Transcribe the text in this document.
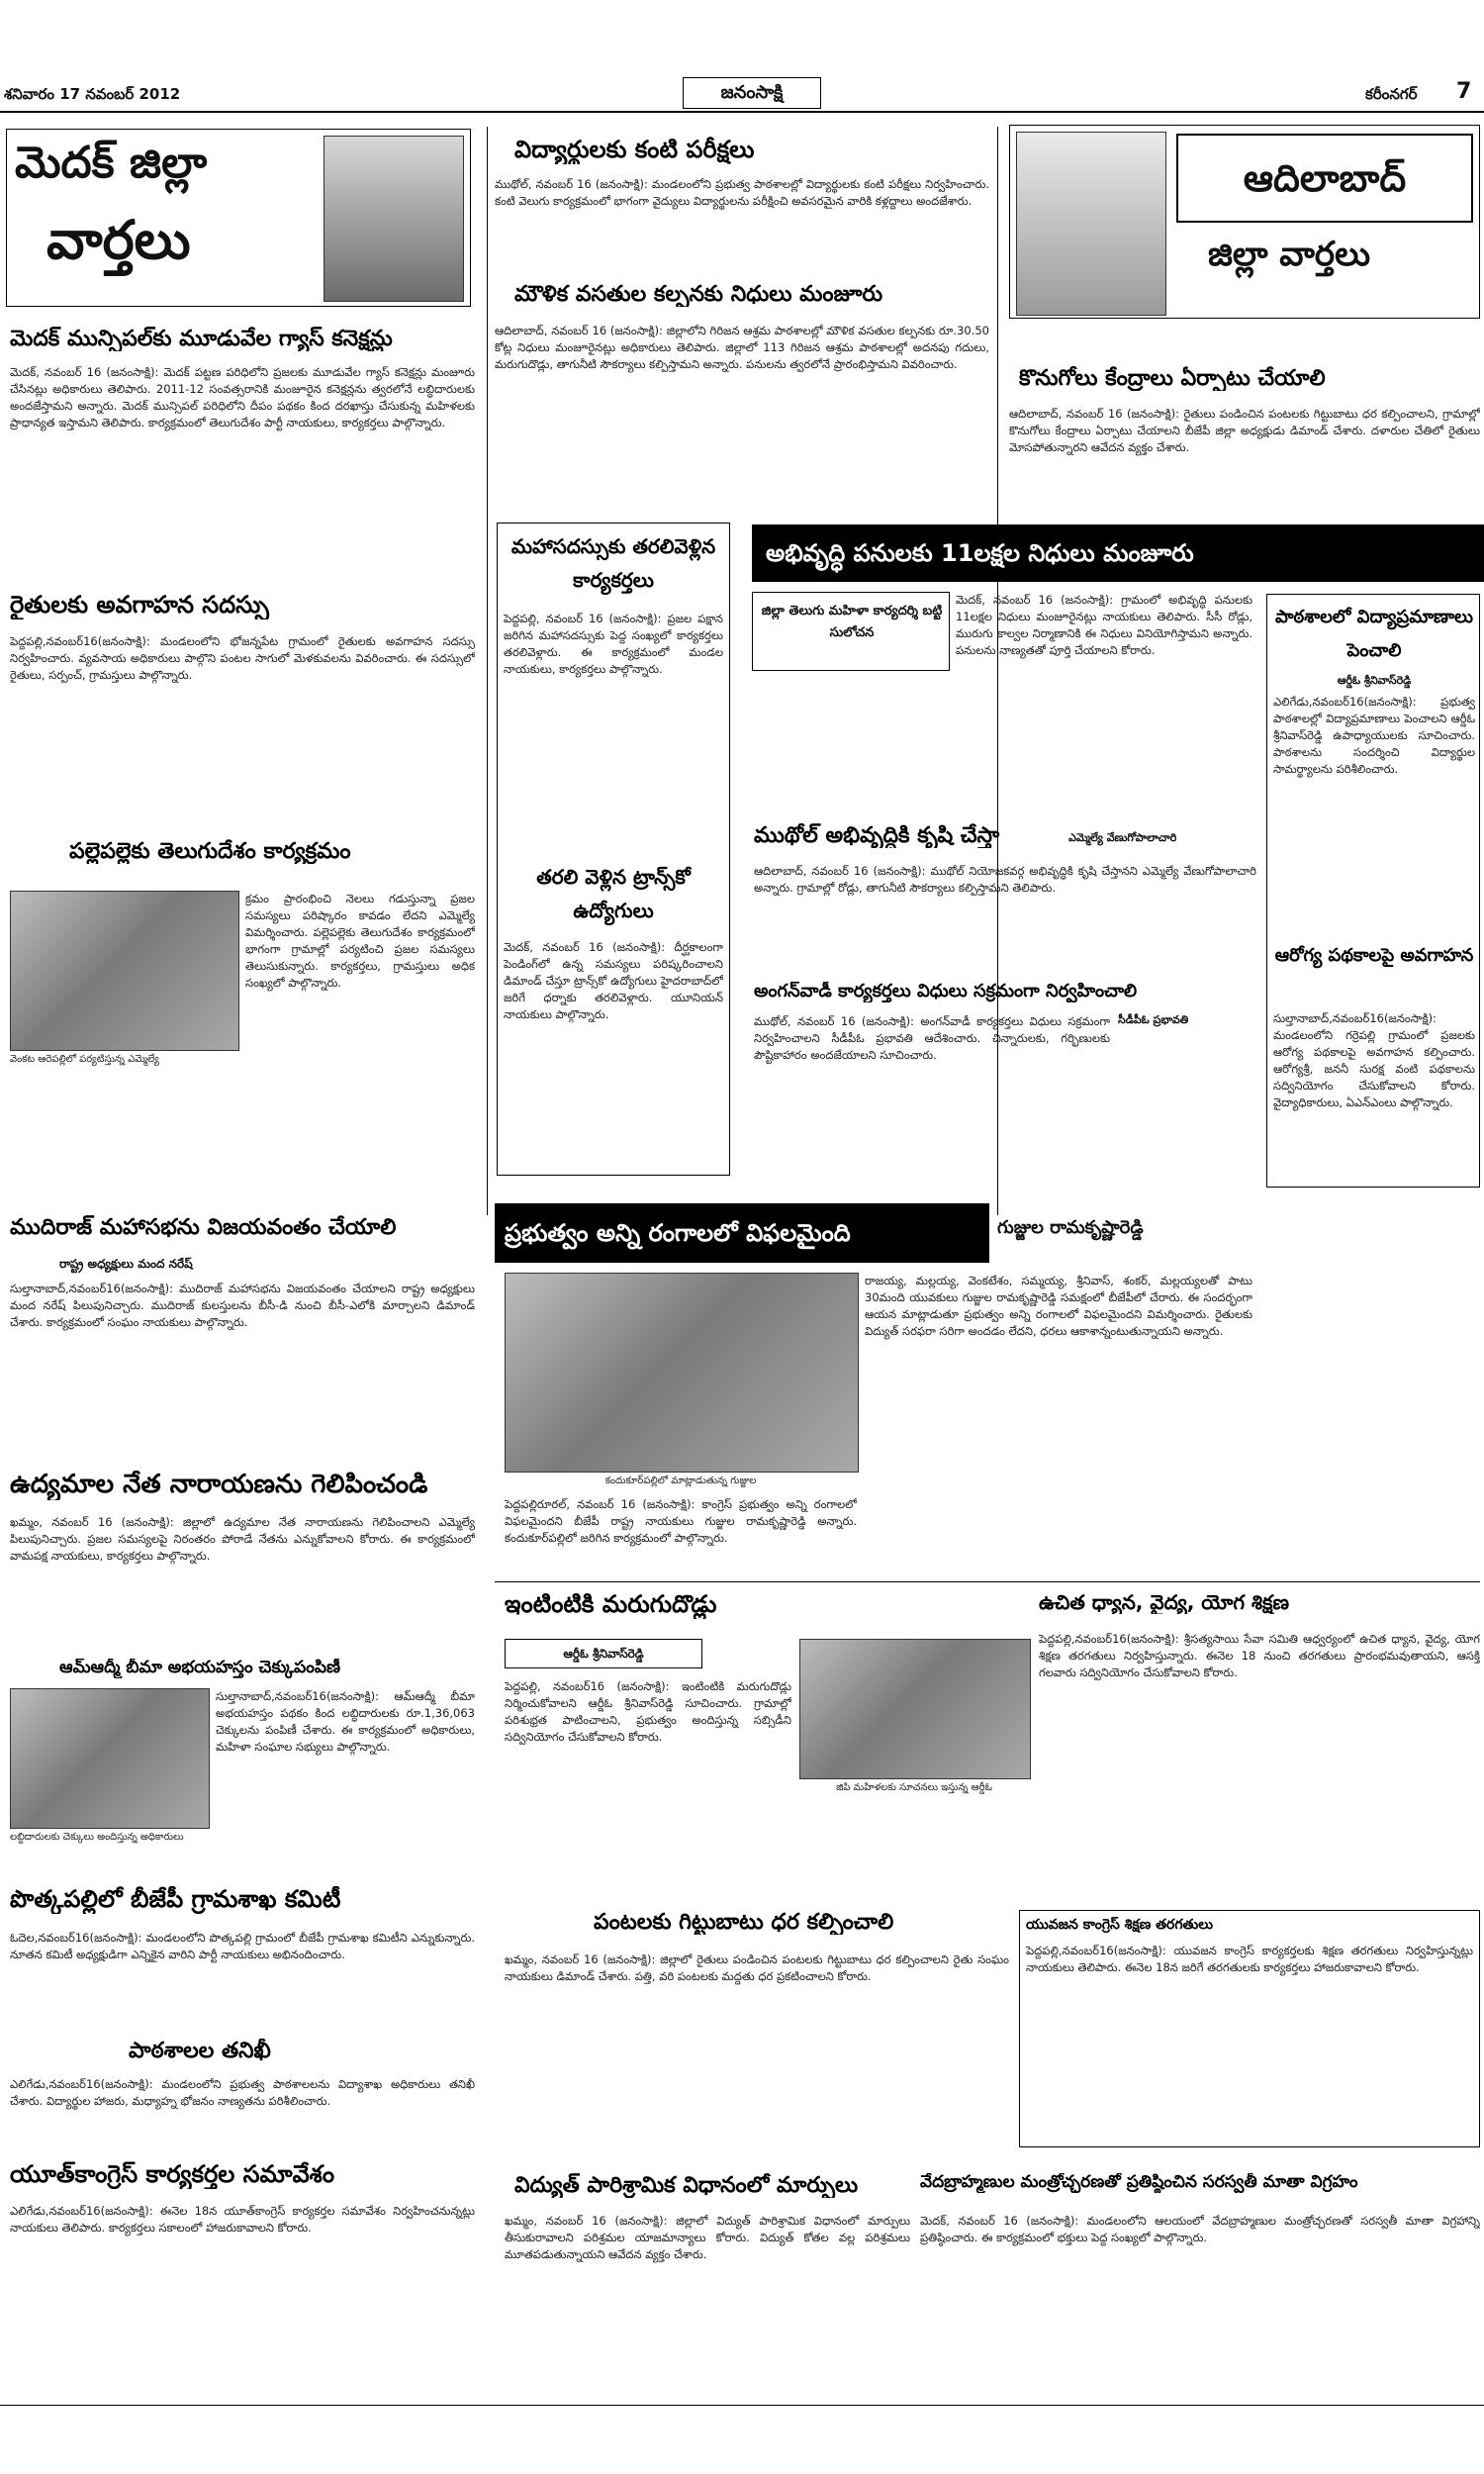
శనివారం 17 నవంబర్ 2012	జనంసాక్షి	కరీంనగర్	7
మెదక్ జిల్లా
వార్తలు
మెదక్ మున్సిపల్‌కు మూడువేల గ్యాస్ కనెక్షన్లు
మెదక్, నవంబర్ 16 (జనంసాక్షి): మెదక్ పట్టణ పరిధిలోని ప్రజలకు మూడువేల గ్యాస్ కనెక్షన్లు మంజూరు చేసినట్లు అధికారులు తెలిపారు. 2011-12 సంవత్సరానికి మంజూరైన కనెక్షన్లను త్వరలోనే లబ్ధిదారులకు అందజేస్తామని అన్నారు. మెదక్ మున్సిపల్ పరిధిలోని దీపం పథకం కింద దరఖాస్తు చేసుకున్న మహిళలకు ప్రాధాన్యత ఇస్తామని తెలిపారు. కార్యక్రమంలో తెలుగుదేశం పార్టీ నాయకులు, కార్యకర్తలు పాల్గొన్నారు.
రైతులకు అవగాహన సదస్సు
పెద్దపల్లి,నవంబర్16(జనంసాక్షి): మండలంలోని భోజన్నపేట గ్రామంలో రైతులకు అవగాహన సదస్సు నిర్వహించారు. వ్యవసాయ అధికారులు పాల్గొని పంటల సాగులో మెళకువలను వివరించారు. ఈ సదస్సులో రైతులు, సర్పంచ్, గ్రామస్తులు పాల్గొన్నారు.
పల్లెపల్లెకు తెలుగుదేశం కార్యక్రమం
వెంకట ఆరెపల్లిలో పర్యటిస్తున్న ఎమ్మెల్యే
క్రమం ప్రారంభించి నెలలు గడుస్తున్నా ప్రజల సమస్యలు పరిష్కారం కావడం లేదని ఎమ్మెల్యే విమర్శించారు. పల్లెపల్లెకు తెలుగుదేశం కార్యక్రమంలో భాగంగా గ్రామాల్లో పర్యటించి ప్రజల సమస్యలు తెలుసుకున్నారు. కార్యకర్తలు, గ్రామస్తులు అధిక సంఖ్యలో పాల్గొన్నారు.
ముదిరాజ్ మహాసభను విజయవంతం చేయాలి
రాష్ట్ర అధ్యక్షులు మంద నరేష్
సుల్తానాబాద్,నవంబర్16(జనంసాక్షి): ముదిరాజ్ మహాసభను విజయవంతం చేయాలని రాష్ట్ర అధ్యక్షులు మంద నరేష్ పిలుపునిచ్చారు. ముదిరాజ్ కులస్తులను బీసీ-డి నుంచి బీసీ-ఎలోకి మార్చాలని డిమాండ్ చేశారు. కార్యక్రమంలో సంఘం నాయకులు పాల్గొన్నారు.
ఉద్యమాల నేత నారాయణను గెలిపించండి
ఖమ్మం, నవంబర్ 16 (జనంసాక్షి): జిల్లాలో ఉద్యమాల నేత నారాయణను గెలిపించాలని ఎమ్మెల్యే పిలుపునిచ్చారు. ప్రజల సమస్యలపై నిరంతరం పోరాడే నేతను ఎన్నుకోవాలని కోరారు. ఈ కార్యక్రమంలో వామపక్ష నాయకులు, కార్యకర్తలు పాల్గొన్నారు.
ఆమ్ఆద్మీ బీమా అభయహస్తం చెక్కుపంపిణీ
లబ్ధిదారులకు చెక్కులు అందిస్తున్న అధికారులు
సుల్తానాబాద్,నవంబర్16(జనంసాక్షి): ఆమ్ఆద్మీ బీమా అభయహస్తం పథకం కింద లబ్ధిదారులకు రూ.1,36,063 చెక్కులను పంపిణీ చేశారు. ఈ కార్యక్రమంలో అధికారులు, మహిళా సంఘాల సభ్యులు పాల్గొన్నారు.
పొత్కపల్లిలో బీజేపీ గ్రామశాఖ కమిటీ
ఓదెల,నవంబర్16(జనంసాక్షి): మండలంలోని పొత్కపల్లి గ్రామంలో బీజేపీ గ్రామశాఖ కమిటీని ఎన్నుకున్నారు. నూతన కమిటీ అధ్యక్షుడిగా ఎన్నికైన వారిని పార్టీ నాయకులు అభినందించారు.
పాఠశాలల తనిఖీ
ఎలిగేడు,నవంబర్16(జనంసాక్షి): మండలంలోని ప్రభుత్వ పాఠశాలలను విద్యాశాఖ అధికారులు తనిఖీ చేశారు. విద్యార్థుల హాజరు, మధ్యాహ్న భోజనం నాణ్యతను పరిశీలించారు.
యూత్‌కాంగ్రెస్ కార్యకర్తల సమావేశం
ఎలిగేడు,నవంబర్16(జనంసాక్షి): ఈనెల 18న యూత్‌కాంగ్రెస్ కార్యకర్తల సమావేశం నిర్వహించనున్నట్లు నాయకులు తెలిపారు. కార్యకర్తలు సకాలంలో హాజరుకావాలని కోరారు.
విద్యార్థులకు కంటి పరీక్షలు
ముథోల్, నవంబర్ 16 (జనంసాక్షి): మండలంలోని ప్రభుత్వ పాఠశాలల్లో విద్యార్థులకు కంటి పరీక్షలు నిర్వహించారు. కంటి వెలుగు కార్యక్రమంలో భాగంగా వైద్యులు విద్యార్థులను పరీక్షించి అవసరమైన వారికి కళ్లద్దాలు అందజేశారు.
మౌళిక వసతుల కల్పనకు నిధులు మంజూరు
ఆదిలాబాద్, నవంబర్ 16 (జనంసాక్షి): జిల్లాలోని గిరిజన ఆశ్రమ పాఠశాలల్లో మౌళిక వసతుల కల్పనకు రూ.30.50 కోట్ల నిధులు మంజూరైనట్లు అధికారులు తెలిపారు. జిల్లాలో 113 గిరిజన ఆశ్రమ పాఠశాలల్లో అదనపు గదులు, మరుగుదొడ్లు, తాగునీటి సౌకర్యాలు కల్పిస్తామని అన్నారు. పనులను త్వరలోనే ప్రారంభిస్తామని వివరించారు.
మహాసదస్సుకు తరలివెళ్లిన కార్యకర్తలు
పెద్దపల్లి, నవంబర్ 16 (జనంసాక్షి): ప్రజల పక్షాన జరిగిన మహాసదస్సుకు పెద్ద సంఖ్యలో కార్యకర్తలు తరలివెళ్లారు. ఈ కార్యక్రమంలో మండల నాయకులు, కార్యకర్తలు పాల్గొన్నారు.
తరలి వెళ్లిన ట్రాన్స్‌కో ఉద్యోగులు
మెదక్, నవంబర్ 16 (జనంసాక్షి): దీర్ఘకాలంగా పెండింగ్‌లో ఉన్న సమస్యలు పరిష్కరించాలని డిమాండ్ చేస్తూ ట్రాన్స్‌కో ఉద్యోగులు హైదరాబాద్‌లో జరిగే ధర్నాకు తరలివెళ్లారు. యూనియన్ నాయకులు పాల్గొన్నారు.
అభివృద్ధి పనులకు 11లక్షల నిధులు మంజూరు
జిల్లా తెలుగు మహిళా కార్యదర్శి బట్టి సులోచన
మెదక్, నవంబర్ 16 (జనంసాక్షి): గ్రామంలో అభివృద్ధి పనులకు 11లక్షల నిధులు మంజూరైనట్లు నాయకులు తెలిపారు. సీసీ రోడ్లు, మురుగు కాల్వల నిర్మాణానికి ఈ నిధులు వినియోగిస్తామని అన్నారు. పనులను నాణ్యతతో పూర్తి చేయాలని కోరారు.
ముథోల్ అభివృద్ధికి కృషి చేస్తా	ఎమ్మెల్యే వేణుగోపాలాచారి
ఆదిలాబాద్, నవంబర్ 16 (జనంసాక్షి): ముథోల్ నియోజకవర్గ అభివృద్ధికి కృషి చేస్తానని ఎమ్మెల్యే వేణుగోపాలాచారి అన్నారు. గ్రామాల్లో రోడ్లు, తాగునీటి సౌకర్యాలు కల్పిస్తామని తెలిపారు.
అంగన్‌వాడీ కార్యకర్తలు విధులు సక్రమంగా నిర్వహించాలి
సీడీపీఓ ప్రభావతి
ముథోల్, నవంబర్ 16 (జనంసాక్షి): అంగన్‌వాడీ కార్యకర్తలు విధులు సక్రమంగా నిర్వహించాలని సీడీపీఓ ప్రభావతి ఆదేశించారు. చిన్నారులకు, గర్భిణులకు పౌష్టికాహారం అందజేయాలని సూచించారు.
ఆదిలాబాద్
జిల్లా వార్తలు
కొనుగోలు కేంద్రాలు ఏర్పాటు చేయాలి
ఆదిలాబాద్, నవంబర్ 16 (జనంసాక్షి): రైతులు పండించిన పంటలకు గిట్టుబాటు ధర కల్పించాలని, గ్రామాల్లో కొనుగోలు కేంద్రాలు ఏర్పాటు చేయాలని బీజేపీ జిల్లా అధ్యక్షుడు డిమాండ్ చేశారు. దళారుల చేతిలో రైతులు మోసపోతున్నారని ఆవేదన వ్యక్తం చేశారు.
పాఠశాలలో విద్యాప్రమాణాలు పెంచాలి
ఆర్డీఓ శ్రీనివాస్‌రెడ్డి
ఎలిగేడు,నవంబర్16(జనంసాక్షి): ప్రభుత్వ పాఠశాలల్లో విద్యాప్రమాణాలు పెంచాలని ఆర్డీఓ శ్రీనివాస్‌రెడ్డి ఉపాధ్యాయులకు సూచించారు. పాఠశాలను సందర్శించి విద్యార్థుల సామర్థ్యాలను పరిశీలించారు.
ఆరోగ్య పథకాలపై అవగాహన
సుల్తానాబాద్,నవంబర్16(జనంసాక్షి): మండలంలోని గర్రెపల్లి గ్రామంలో ప్రజలకు ఆరోగ్య పథకాలపై అవగాహన కల్పించారు. ఆరోగ్యశ్రీ, జననీ సురక్ష వంటి పథకాలను సద్వినియోగం చేసుకోవాలని కోరారు. వైద్యాధికారులు, ఏఎన్‌ఎంలు పాల్గొన్నారు.
ప్రభుత్వం అన్ని రంగాలలో విఫలమైంది	గుజ్జుల రామకృష్ణారెడ్డి
కందుకూర్‌పల్లిలో మాట్లాడుతున్న గుజ్జుల
రాజయ్య, మల్లయ్య, వెంకటేశం, సమ్మయ్య, శ్రీనివాస్, శంకర్, మల్లయ్యలతో పాటు 30మంది యువకులు గుజ్జుల రామకృష్ణారెడ్డి సమక్షంలో బీజేపీలో చేరారు. ఈ సందర్భంగా ఆయన మాట్లాడుతూ ప్రభుత్వం అన్ని రంగాలలో విఫలమైందని విమర్శించారు. రైతులకు విద్యుత్ సరఫరా సరిగా అందడం లేదని, ధరలు ఆకాశాన్నంటుతున్నాయని అన్నారు.
పెద్దపల్లిరూరల్, నవంబర్ 16 (జనంసాక్షి): కాంగ్రెస్ ప్రభుత్వం అన్ని రంగాలలో విఫలమైందని బీజేపీ రాష్ట్ర నాయకులు గుజ్జుల రామకృష్ణారెడ్డి అన్నారు. కందుకూర్‌పల్లిలో జరిగిన కార్యక్రమంలో పాల్గొన్నారు.
ఇంటింటికి మరుగుదొడ్లు
ఆర్డీఓ శ్రీనివాస్‌రెడ్డి
పెద్దపల్లి, నవంబర్16 (జనంసాక్షి): ఇంటింటికి మరుగుదొడ్లు నిర్మించుకోవాలని ఆర్డీఓ శ్రీనివాస్‌రెడ్డి సూచించారు. గ్రామాల్లో పరిశుభ్రత పాటించాలని, ప్రభుత్వం అందిస్తున్న సబ్సిడీని సద్వినియోగం చేసుకోవాలని కోరారు.
జిపి మహిళలకు సూచనలు ఇస్తున్న ఆర్డీఓ
ఉచిత ధ్యాన, వైద్య, యోగ శిక్షణ
పెద్దపల్లి,నవంబర్16(జనంసాక్షి): శ్రీసత్యసాయి సేవా సమితి ఆధ్వర్యంలో ఉచిత ధ్యాన, వైద్య, యోగ శిక్షణ తరగతులు నిర్వహిస్తున్నారు. ఈనెల 18 నుంచి తరగతులు ప్రారంభమవుతాయని, ఆసక్తి గలవారు సద్వినియోగం చేసుకోవాలని కోరారు.
పంటలకు గిట్టుబాటు ధర కల్పించాలి
ఖమ్మం, నవంబర్ 16 (జనంసాక్షి): జిల్లాలో రైతులు పండించిన పంటలకు గిట్టుబాటు ధర కల్పించాలని రైతు సంఘం నాయకులు డిమాండ్ చేశారు. పత్తి, వరి పంటలకు మద్దతు ధర ప్రకటించాలని కోరారు.
యువజన కాంగ్రెస్ శిక్షణ తరగతులు
పెద్దపల్లి,నవంబర్16(జనంసాక్షి): యువజన కాంగ్రెస్ కార్యకర్తలకు శిక్షణ తరగతులు నిర్వహిస్తున్నట్లు నాయకులు తెలిపారు. ఈనెల 18న జరిగే తరగతులకు కార్యకర్తలు హాజరుకావాలని కోరారు.
విద్యుత్ పారిశ్రామిక విధానంలో మార్పులు
ఖమ్మం, నవంబర్ 16 (జనంసాక్షి): జిల్లాలో విద్యుత్ పారిశ్రామిక విధానంలో మార్పులు తీసుకురావాలని పరిశ్రమల యాజమాన్యాలు కోరారు. విద్యుత్ కోతల వల్ల పరిశ్రమలు మూతపడుతున్నాయని ఆవేదన వ్యక్తం చేశారు.
వేదబ్రాహ్మణుల మంత్రోచ్ఛరణతో ప్రతిష్ఠించిన సరస్వతీ మాతా విగ్రహం
మెదక్, నవంబర్ 16 (జనంసాక్షి): మండలంలోని ఆలయంలో వేదబ్రాహ్మణుల మంత్రోచ్ఛరణతో సరస్వతీ మాతా విగ్రహాన్ని ప్రతిష్ఠించారు. ఈ కార్యక్రమంలో భక్తులు పెద్ద సంఖ్యలో పాల్గొన్నారు.
